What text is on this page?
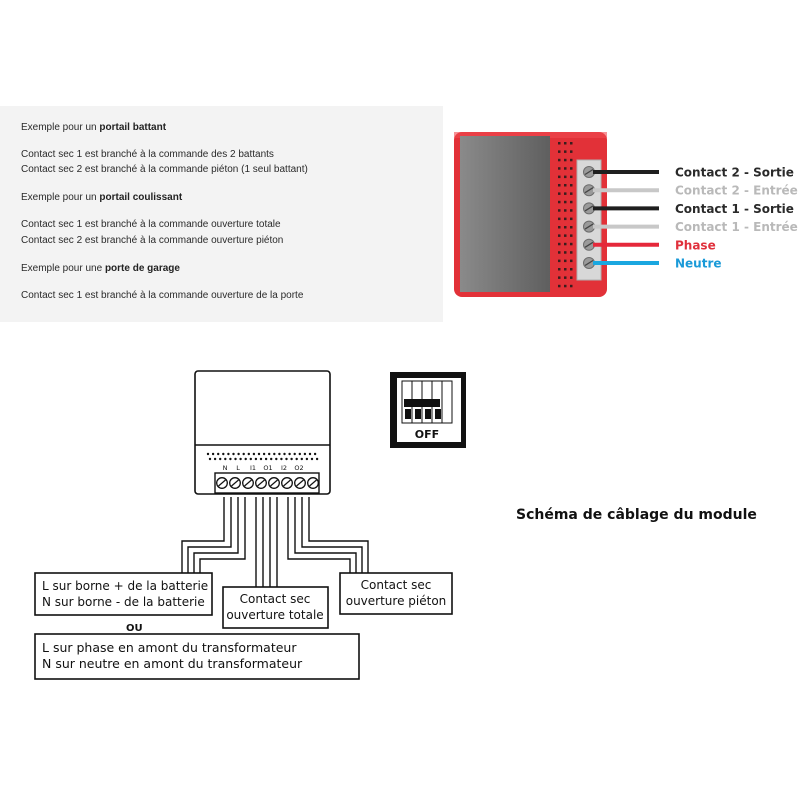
Exemple pour un portail battant

Contact sec 1 est branché à la commande des 2 battants

Contact sec 2 est branché à la commande piéton (1 seul battant)

Exemple pour un portail coulissant

Contact sec 1 est branché à la commande ouverture totale

Contact sec 2 est branché à la commande ouverture piéton

Exemple pour une porte de garage

Contact sec 1 est branché à la commande ouverture de la porte

Contact 2 - Sortie
Contact 2 - Entrée
Contact 1 - Sortie
Contact 1 - Entrée
Phase
Neutre
N L I1 O1 I2 O2
OFF
L sur borne + de la batterie
N sur borne - de la batterie	Contact sec
ouverture totale
Contact sec
ouverture piéton
OU
L sur phase en amont du transformateur
N sur neutre en amont du transformateur

Schéma de câblage du module
